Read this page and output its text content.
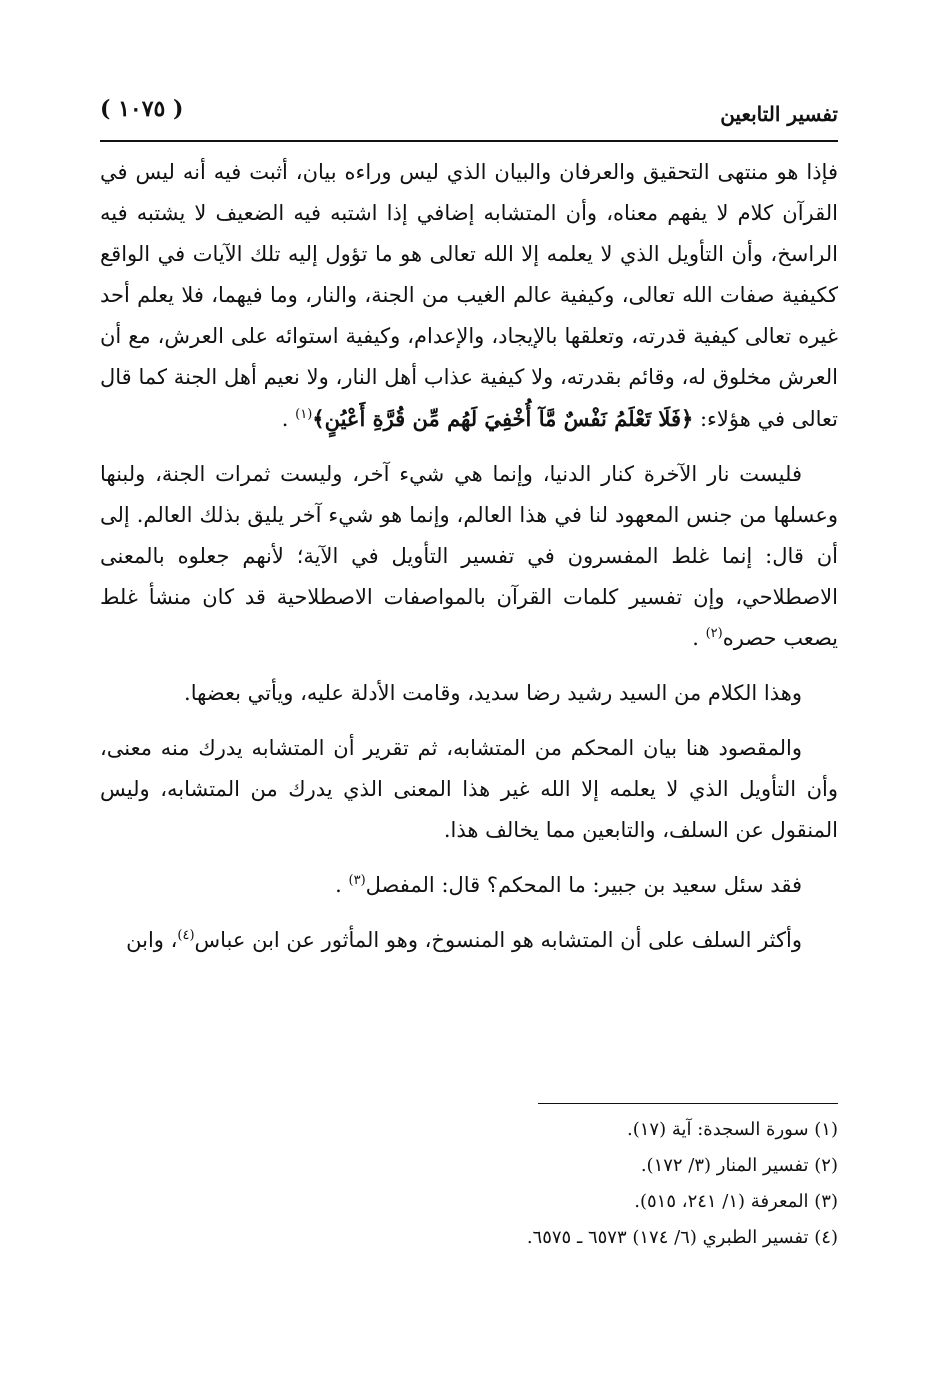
تفسير التابعين
( ١٠٧٥ )

فإذا هو منتهى التحقيق والعرفان والبيان الذي ليس وراءه بيان، أثبت فيه أنه ليس في القرآن كلام لا يفهم معناه، وأن المتشابه إضافي إذا اشتبه فيه الضعيف لا يشتبه فيه الراسخ، وأن التأويل الذي لا يعلمه إلا الله تعالى هو ما تؤول إليه تلك الآيات في الواقع ككيفية صفات الله تعالى، وكيفية عالم الغيب من الجنة، والنار، وما فيهما، فلا يعلم أحد غيره تعالى كيفية قدرته، وتعلقها بالإيجاد، والإعدام، وكيفية استوائه على العرش، مع أن العرش مخلوق له، وقائم بقدرته، ولا كيفية عذاب أهل النار، ولا نعيم أهل الجنة كما قال تعالى في هؤلاء: ﴿فَلَا تَعْلَمُ نَفْسٌ مَّآ أُخْفِيَ لَهُم مِّن قُرَّةِ أَعْيُنٍ﴾$^{(١)}$ .

فليست نار الآخرة كنار الدنيا، وإنما هي شيء آخر، وليست ثمرات الجنة، ولبنها وعسلها من جنس المعهود لنا في هذا العالم، وإنما هو شيء آخر يليق بذلك العالم. إلى أن قال: إنما غلط المفسرون في تفسير التأويل في الآية؛ لأنهم جعلوه بالمعنى الاصطلاحي، وإن تفسير كلمات القرآن بالمواصفات الاصطلاحية قد كان منشأ غلط يصعب حصره$^{(٢)}$ .

وهذا الكلام من السيد رشيد رضا سديد، وقامت الأدلة عليه، ويأتي بعضها.

والمقصود هنا بيان المحكم من المتشابه، ثم تقرير أن المتشابه يدرك منه معنى، وأن التأويل الذي لا يعلمه إلا الله غير هذا المعنى الذي يدرك من المتشابه، وليس المنقول عن السلف، والتابعين مما يخالف هذا.

فقد سئل سعيد بن جبير: ما المحكم؟ قال: المفصل$^{(٣)}$ .

وأكثر السلف على أن المتشابه هو المنسوخ، وهو المأثور عن ابن عباس$^{(٤)}$، وابن

(١) سورة السجدة: آية (١٧).
(٢) تفسير المنار (٣/ ١٧٢).
(٣) المعرفة (١/ ٢٤١، ٥١٥).
(٤) تفسير الطبري (٦/ ١٧٤) ٦٥٧٣ ـ ٦٥٧٥.
